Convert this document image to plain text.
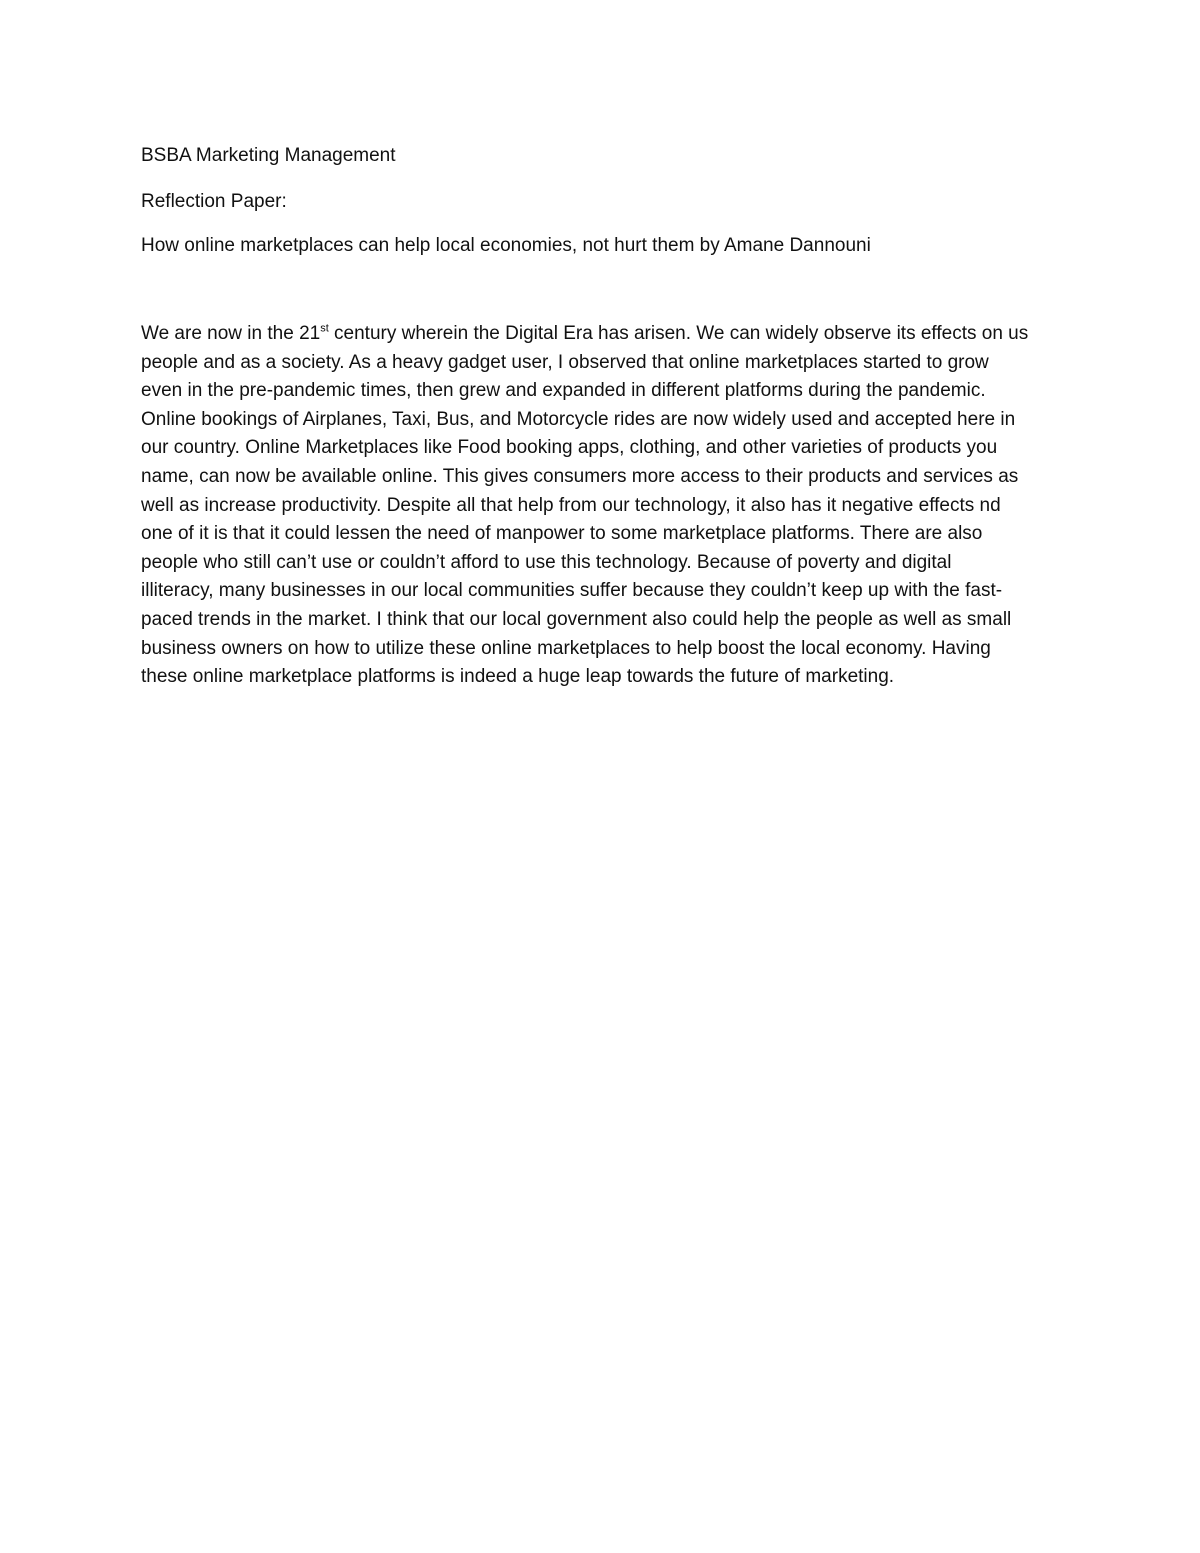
BSBA Marketing Management
Reflection Paper:
How online marketplaces can help local economies, not hurt them by Amane Dannouni
We are now in the 21st century wherein the Digital Era has arisen. We can widely observe its effects on us
people and as a society. As a heavy gadget user, I observed that online marketplaces started to grow
even in the pre-pandemic times, then grew and expanded in different platforms during the pandemic.
Online bookings of Airplanes, Taxi, Bus, and Motorcycle rides are now widely used and accepted here in
our country. Online Marketplaces like Food booking apps, clothing, and other varieties of products you
name, can now be available online. This gives consumers more access to their products and services as
well as increase productivity. Despite all that help from our technology, it also has it negative effects nd
one of it is that it could lessen the need of manpower to some marketplace platforms. There are also
people who still can’t use or couldn’t afford to use this technology. Because of poverty and digital
illiteracy, many businesses in our local communities suffer because they couldn’t keep up with the fast-
paced trends in the market. I think that our local government also could help the people as well as small
business owners on how to utilize these online marketplaces to help boost the local economy. Having
these online marketplace platforms is indeed a huge leap towards the future of marketing.
